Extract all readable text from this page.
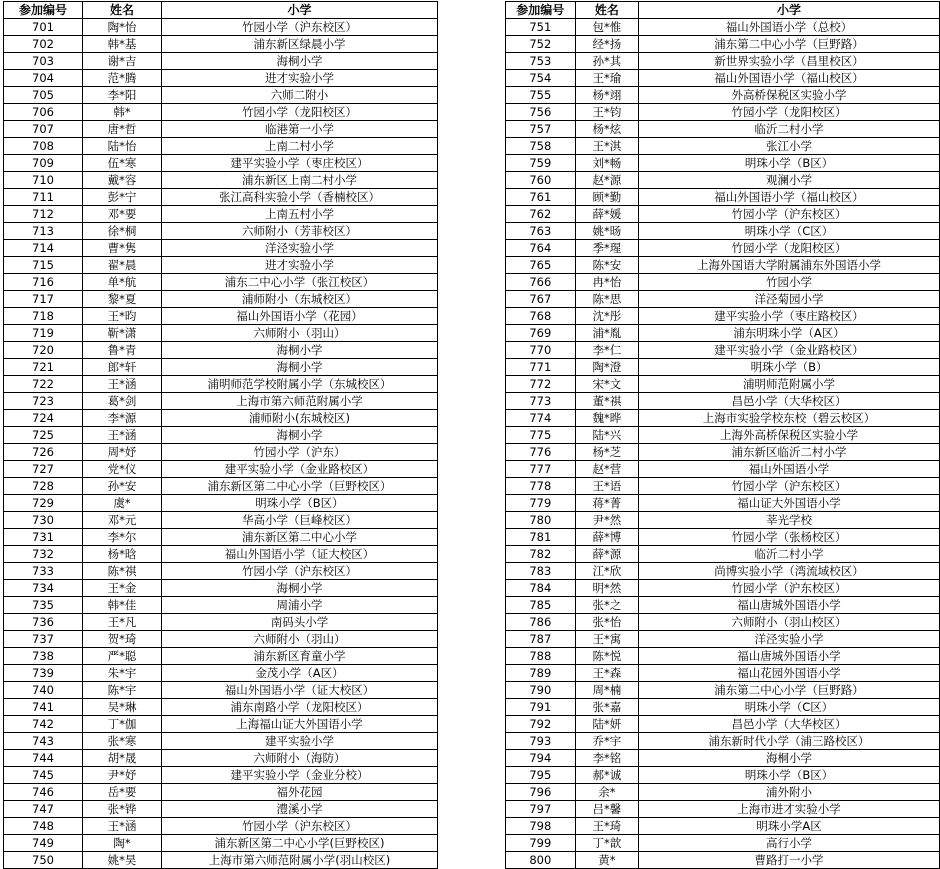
参加编号	姓名	小学
701	陶*怡	竹园小学（沪东校区）
702	韩*基	浦东新区绿晨小学
703	谢*吉	海桐小学
704	范*腾	进才实验小学
705	李*阳	六师二附小
706	韩*	竹园小学（龙阳校区）
707	唐*哲	临港第一小学
708	陆*怡	上南二村小学
709	伍*寒	建平实验小学（枣庄校区）
710	戴*容	浦东新区上南二村小学
711	彭*宁	张江高科实验小学（香楠校区）
712	邓*要	上南五村小学
713	徐*桐	六师附小（芳菲校区）
714	曹*隽	洋泾实验小学
715	翟*晨	进才实验小学
716	单*航	浦东二中心小学（张江校区）
717	黎*夏	浦师附小（东城校区）
718	王*昀	福山外国语小学（花园）
719	靳*潇	六师附小（羽山）
720	鲁*青	海桐小学
721	郎*轩	海桐小学
722	王*涵	浦明师范学校附属小学（东城校区）
723	葛*剑	上海市第六师范附属小学
724	李*源	浦师附小(东城校区)
725	王*涵	海桐小学
726	周*妤	竹园小学（沪东）
727	党*仪	建平实验小学（金业路校区）
728	孙*安	浦东新区第二中心小学（巨野校区）
729	虞*	明珠小学（B区）
730	邓*元	华高小学（巨峰校区）
731	李*尔	浦东新区第二中心小学
732	杨*晗	福山外国语小学（证大校区）
733	陈*祺	竹园小学（沪东校区）
734	王*金	海桐小学
735	韩*佳	周浦小学
736	王*凡	南码头小学
737	贺*琦	六师附小（羽山）
738	严*聪	浦东新区育童小学
739	朱*宇	金茂小学（A区）
740	陈*宇	福山外国语小学（证大校区）
741	吴*琳	浦东南路小学（龙阳校区）
742	丁*伽	上海福山证大外国语小学
743	张*寒	建平实验小学
744	胡*晟	六师附小（海防）
745	尹*妤	建平实验小学（金业分校）
746	岳*要	福外花园
747	张*铧	澧溪小学
748	王*涵	竹园小学（沪东校区）
749	陶*	浦东新区第二中心小学(巨野校区)
750	姚*昊	上海市第六师范附属小学(羽山校区)
参加编号	姓名	小学
751	包*惟	福山外国语小学（总校）
752	经*扬	浦东第二中心小学（巨野路）
753	孙*其	新世界实验小学（昌里校区）
754	王*瑜	福山外国语小学（福山校区）
755	杨*翊	外高桥保税区实验小学
756	王*钧	竹园小学（龙阳校区）
757	杨*炫	临沂二村小学
758	王*淇	张江小学
759	刘*畅	明珠小学（B区）
760	赵*源	观澜小学
761	顾*勤	福山外国语小学（福山校区）
762	薛*媛	竹园小学（沪东校区）
763	姚*旸	明珠小学（C区）
764	季*瑆	竹园小学（龙阳校区）
765	陈*安	上海外国语大学附属浦东外国语小学
766	冉*怡	竹园小学
767	陈*思	洋泾菊园小学
768	沈*彤	建平实验小学（枣庄路校区）
769	浦*胤	浦东明珠小学（A区）
770	李*仁	建平实验小学（金业路校区）
771	陶*澄	明珠小学（B）
772	宋*文	浦明师范附属小学
773	董*祺	昌邑小学（大华校区）
774	魏*晔	上海市实验学校东校（碧云校区）
775	陆*兴	上海外高桥保税区实验小学
776	杨*芝	浦东新区临沂二村小学
777	赵*营	福山外国语小学
778	王*语	竹园小学（沪东校区）
779	蒋*菁	福山证大外国语小学
780	尹*然	莘光学校
781	薛*博	竹园小学（张杨校区）
782	薛*源	临沂二村小学
783	江*欣	尚博实验小学（湾流域校区）
784	明*然	竹园小学（沪东校区）
785	张*之	福山唐城外国语小学
786	张*怡	六师附小（羽山校区）
787	王*寓	洋泾实验小学
788	陈*悦	福山唐城外国语小学
789	王*森	福山花园外国语小学
790	周*楠	浦东第二中心小学（巨野路）
791	张*嘉	明珠小学（C区）
792	陆*妍	昌邑小学（大华校区）
793	乔*宇	浦东新时代小学（浦三路校区）
794	李*铭	海桐小学
795	郝*诚	明珠小学（B区）
796	余*	浦外附小
797	吕*馨	上海市进才实验小学
798	王*琦	明珠小学A区
799	丁*歆	高行小学
800	黄*	曹路打一小学
